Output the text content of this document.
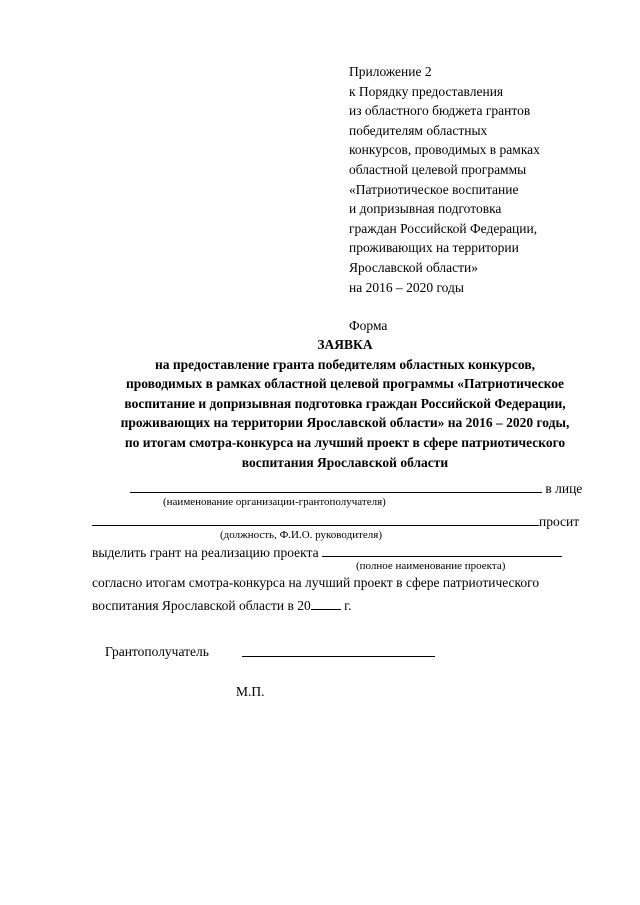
Приложение 2
к Порядку предоставления
из областного бюджета грантов
победителям областных
конкурсов, проводимых в рамках
областной целевой программы
«Патриотическое воспитание
и допризывная подготовка
граждан Российской Федерации,
проживающих на территории
Ярославской области»
на 2016 – 2020 годы
Форма
ЗАЯВКА
на предоставление гранта победителям областных конкурсов,
проводимых в рамках областной целевой программы «Патриотическое
воспитание и допризывная подготовка граждан Российской Федерации,
проживающих на территории Ярославской области» на 2016 – 2020 годы,
по итогам смотра-конкурса на лучший проект в сфере патриотического
воспитания Ярославской области
в лице
(наименование организации-грантополучателя)
просит
(должность, Ф.И.О. руководителя)
выделить грант на реализацию проекта
(полное наименование проекта)
согласно итогам смотра-конкурса на лучший проект в сфере патриотического
воспитания Ярославской области в 20 г.
Грантополучатель
М.П.
